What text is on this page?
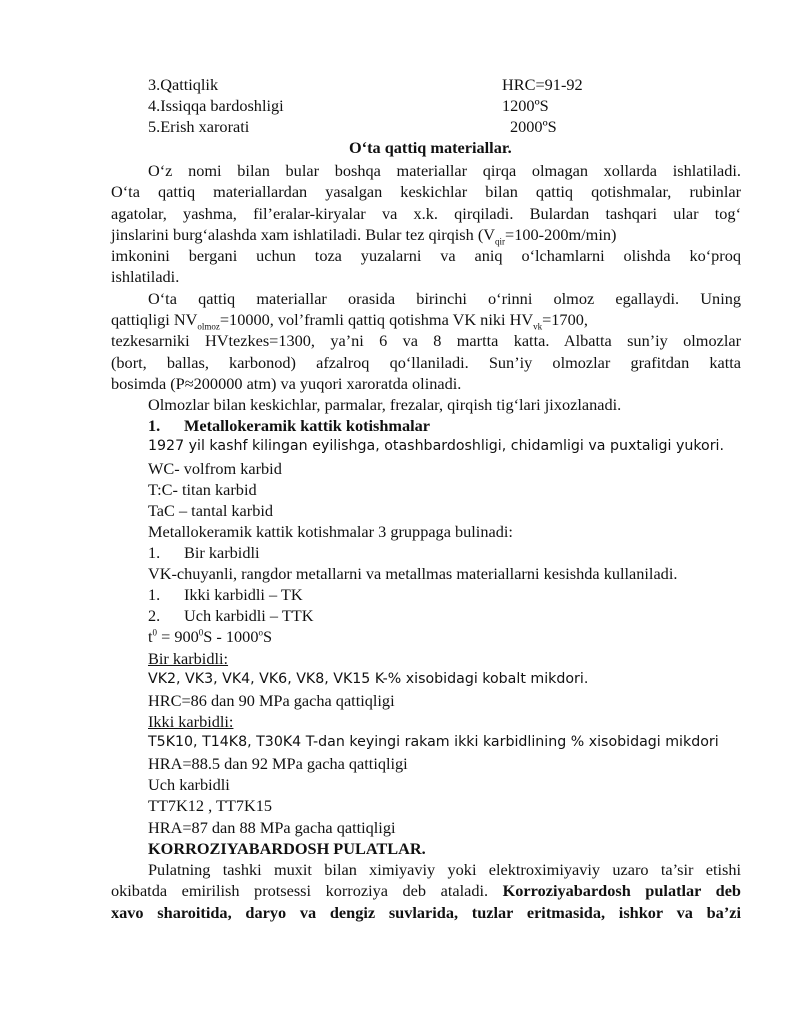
3.Qattiqlik	HRC=91-92
4.Issiqqa bardoshligi	1200ºS
5.Erish xarorati	2000ºS
O‘ta qattiq materiallar.
O‘z nomi bilan bular boshqa materiallar qirqa olmagan xollarda ishlatiladi.
O‘ta qattiq materiallardan yasalgan keskichlar bilan qattiq qotishmalar, rubinlar
agatolar, yashma, fil’eralar-kiryalar va x.k. qirqiladi. Bulardan tashqari ular tog‘
jinslarini burg‘alashda xam ishlatiladi. Bular tez qirqish $(V_{qir}=100-200m/\min)$
imkonini bergani uchun toza yuzalarni va aniq o‘lchamlarni olishda ko‘proq
ishlatiladi.
O‘ta qattiq materiallar orasida birinchi o‘rinni olmoz egallaydi. Uning
qattiqligi $NV_{olmoz}=10000$, vol’framli qattiq qotishma VK niki $HV_{vk}=1700$,
tezkesarniki HVtezkes=1300, ya’ni 6 va 8 martta katta. Albatta sun’iy olmozlar
(bort, ballas, karbonod) afzalroq qo‘llaniladi. Sun’iy olmozlar grafitdan katta
bosimda (P≈200000 atm) va yuqori xaroratda olinadi.
Olmozlar bilan keskichlar, parmalar, frezalar, qirqish tig‘lari jixozlanadi.
1. Metallokeramik kattik kotishmalar
1927 yil kashf kilingan eyilishga, otashbardoshligi, chidamligi va puxtaligi yukori.
WC- volfrom karbid
T:C- titan karbid
TaC – tantal karbid
Metallokeramik kattik kotishmalar 3 gruppaga bulinadi:
1. Bir karbidli
VK-chuyanli, rangdor metallarni va metallmas materiallarni kesishda kullaniladi.
1. Ikki karbidli – TK
2. Uch karbidli – TTK
$t^0 = 900^0S - 1000^oS$
Bir karbidli:
VK2, VK3, VK4, VK6, VK8, VK15 K-% xisobidagi kobalt mikdori.
HRC=86 dan 90 MPa gacha qattiqligi
Ikki karbidli:
T5K10, T14K8, T30K4 T-dan keyingi rakam ikki karbidlining % xisobidagi mikdori
HRA=88.5 dan 92 MPa gacha qattiqligi
Uch karbidli
TT7K12 , TT7K15
HRA=87 dan 88 MPa gacha qattiqligi
KORROZIYABARDOSH PULATLAR.
Pulatning tashki muxit bilan ximiyaviy yoki elektroximiyaviy uzaro ta’sir etishi
okibatda emirilish protsessi korroziya deb ataladi. Korroziyabardosh pulatlar deb
xavo sharoitida, daryo va dengiz suvlarida, tuzlar eritmasida, ishkor va ba’zi
